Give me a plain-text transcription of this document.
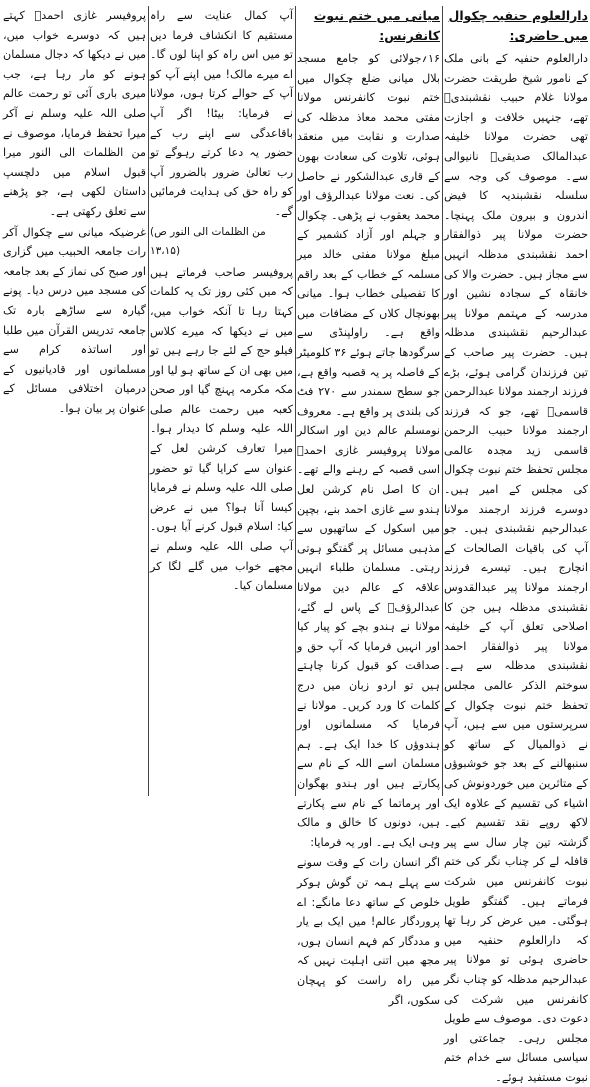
دارالعلوم حنفیہ چکوال میں حاضری:

دارالعلوم حنفیہ کے بانی ملک کے نامور شیخ طریقت حضرت مولانا غلام حبیب نقشبندیؒ تھے، جنہیں خلافت و اجازت تھی حضرت مولانا خلیفہ عبدالمالک صدیقیؒ نانیوالی سے۔ موصوف کی وجہ سے سلسلہ نقشبندیہ کا فیض اندرون و بیرون ملک پہنچا۔ حضرت مولانا پیر ذوالفقار احمد نقشبندی مدظلہ انہیں سے مجاز ہیں۔ حضرت والا کی خانقاہ کے سجادہ نشین اور مدرسہ کے مہتمم مولانا پیر عبدالرحیم نقشبندی مدظلہ ہیں۔ حضرت پیر صاحب کے تین فرزندان گرامی ہوئے، بڑے فرزند ارجمند مولانا عبدالرحمن قاسمیؒ تھے، جو کہ فرزند ارجمند مولانا حبیب الرحمن قاسمی زید مجدہ عالمی مجلس تحفظ ختم نبوت چکوال کی مجلس کے امیر ہیں۔ دوسرے فرزند ارجمند مولانا عبدالرحیم نقشبندی ہیں۔ جو آپ کی باقیات الصالحات کے انچارج ہیں۔ تیسرے فرزند ارجمند مولانا پیر عبدالقدوس نقشبندی مدظلہ ہیں جن کا اصلاحی تعلق آپ کے خلیفہ مولانا پیر ذوالفقار احمد نقشبندی مدظلہ سے ہے۔ سوختم الذکر عالمی مجلس تحفظ ختم نبوت چکوال کے سرپرستوں میں سے ہیں، آپ نے ذوالمیال کے ساتھ کو سنبھالنے کے بعد جو خوشبوؤں کے متاثرین میں خوردونوش کی اشیاء کی تقسیم کے علاوہ ایک لاکھ روپے نقد تقسیم کیے۔ گزشتہ تین چار سال سے پیر قافلہ لے کر چناب نگر کی ختم نبوت کانفرنس میں شرکت فرماتے ہیں۔ گفتگو طویل ہوگئی۔ میں عرض کر رہا تھا کہ دارالعلوم حنفیہ میں حاضری ہوئی تو مولانا پیر عبدالرحیم مدظلہ کو چناب نگر کانفرنس میں شرکت کی دعوت دی۔ موصوف سے طویل مجلس رہی۔ جماعتی اور سیاسی مسائل سے خدام ختم نبوت مستفید ہوئے۔

میانی میں ختم نبوت کانفرنس:

۱۶؍جولائی کو جامع مسجد بلال میانی ضلع چکوال میں ختم نبوت کانفرنس مولانا مفتی محمد معاذ مدظلہ کی صدارت و نقابت میں منعقد ہوئی، تلاوت کی سعادت بھون کے قاری عبدالشکور نے حاصل کی۔ نعت مولانا عبدالرؤف اور محمد یعقوب نے پڑھی۔ چکوال و جہلم اور آزاد کشمیر کے مبلغ مولانا مفتی خالد میر مسلمہ کے خطاب کے بعد راقم کا تفصیلی خطاب ہوا۔ میانی بھونچال کلاں کے مضافات میں واقع ہے۔ راولپنڈی سے سرگودھا جاتے ہوئے ۳۶ کلومیٹر کے فاصلہ پر یہ قصبہ واقع ہے، جو سطح سمندر سے ۲۷۰ فٹ کی بلندی پر واقع ہے۔ معروف نومسلم عالم دین اور اسکالر مولانا پروفیسر غازی احمدؒ اسی قصبہ کے رہنے والے تھے۔ ان کا اصل نام کرشن لعل ہندو سے غازی احمد بنے، بچپن میں اسکول کے ساتھیوں سے مذہبی مسائل پر گفتگو ہوتی رہتی۔ مسلمان طلباء انہیں علاقہ کے عالم دین مولانا عبدالرؤفؒ کے پاس لے گئے، مولانا نے ہندو بچے کو پیار کیا اور انہیں فرمایا کہ آپ حق و صداقت کو قبول کرنا چاہتے ہیں تو اردو زبان میں درج کلمات کا ورد کریں۔ مولانا نے فرمایا کہ مسلمانوں اور ہندوؤں کا خدا ایک ہے۔ ہم مسلمان اسے اللہ کے نام سے پکارتے ہیں اور ہندو بھگوان اور پرماتما کے نام سے پکارتے ہیں، دونوں کا خالق و مالک وہی ایک ہے۔ اور یہ فرمایا:

اگر انسان رات کے وقت سونے سے پہلے ہمہ تن گوش ہوکر خلوص کے ساتھ دعا مانگے: اے پروردگار عالم! میں ایک بے یار و مددگار کم فہم انسان ہوں، مجھ میں اتنی اہلیت نہیں کہ میں راہ راست کو پہچان سکوں، اگر

آپ کمال عنایت سے راہ مستقیم کا انکشاف فرما دیں تو میں اس راہ کو اپنا لوں گا۔ اے میرے مالک! میں اپنے آپ کو آپ کے حوالے کرتا ہوں، مولانا نے فرمایا: بیٹا! اگر آپ باقاعدگی سے اپنے رب کے حضور یہ دعا کرتے رہوگے تو رب تعالیٰ ضرور بالضرور آپ کو راہ حق کی ہدایت فرمائیں گے۔

(من الظلمات الی النور ص ۱۳،۱۵)

پروفیسر صاحب فرماتے ہیں کہ میں کئی روز تک یہ کلمات کہتا رہا تا آنکہ خواب میں، میں نے دیکھا کہ میرے کلاس فیلو حج کے لئے جا رہے ہیں تو میں بھی ان کے ساتھ ہو لیا اور مکہ مکرمہ پہنچ گیا اور صحن کعبہ میں رحمت عالم صلی اللہ علیہ وسلم کا دیدار ہوا۔ میرا تعارف کرشن لعل کے عنوان سے کرایا گیا تو حضور صلی اللہ علیہ وسلم نے فرمایا کیسا آنا ہوا؟ میں نے عرض کیا: اسلام قبول کرنے آیا ہوں۔ آپ صلی اللہ علیہ وسلم نے مجھے خواب میں گلے لگا کر مسلمان کیا۔

پروفیسر غازی احمدؒ کہتے ہیں کہ دوسرے خواب میں، میں نے دیکھا کہ دجال مسلمان ہونے کو مار رہا ہے، جب میری باری آئی تو رحمت عالم صلی اللہ علیہ وسلم نے آکر میرا تحفظ فرمایا، موصوف نے من الظلمات الی النور میرا قبول اسلام میں دلچسپ داستان لکھی ہے، جو پڑھنے سے تعلق رکھتی ہے۔

غرضیکہ میانی سے چکوال آکر رات جامعہ الحبیب میں گزاری اور صبح کی نماز کے بعد جامعہ کی مسجد میں درس دیا۔ پونے گیارہ سے ساڑھے بارہ تک جامعہ تدریس القرآن میں طلبا اور اساتذہ کرام سے مسلمانوں اور قادیانیوں کے درمیان اختلافی مسائل کے عنوان پر بیان ہوا۔
